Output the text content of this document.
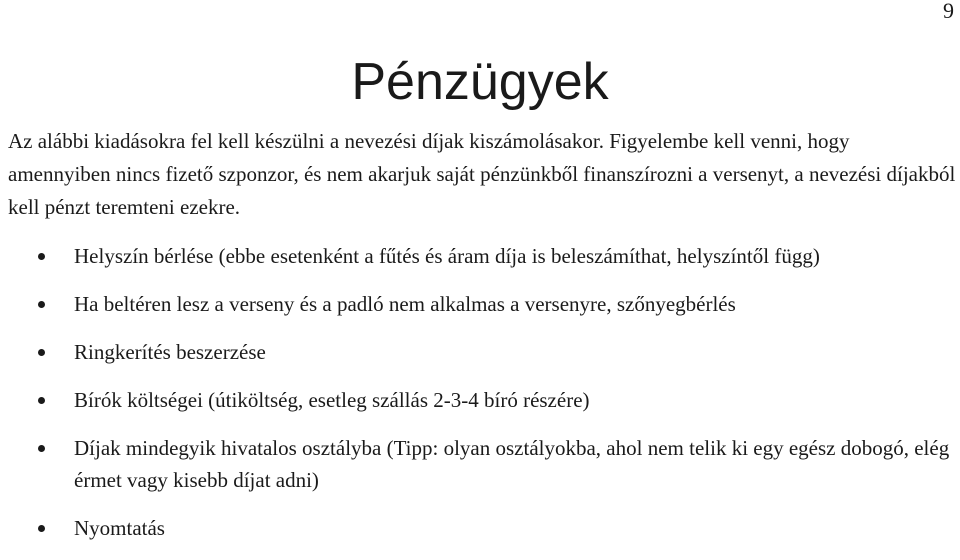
9
Pénzügyek

Az alábbi kiadásokra fel kell készülni a nevezési díjak kiszámolásakor. Figyelembe kell venni, hogy amennyiben nincs fizető szponzor, és nem akarjuk saját pénzünkből finanszírozni a versenyt, a nevezési díjakból kell pénzt teremteni ezekre.

Helyszín bérlése (ebbe esetenként a fűtés és áram díja is beleszámíthat, helyszíntől függ)
Ha beltéren lesz a verseny és a padló nem alkalmas a versenyre, szőnyegbérlés
Ringkerítés beszerzése
Bírók költségei (útiköltség, esetleg szállás 2-3-4 bíró részére)
Díjak mindegyik hivatalos osztályba (Tipp: olyan osztályokba, ahol nem telik ki egy egész dobogó, elég érmet vagy kisebb díjat adni)
Nyomtatás
